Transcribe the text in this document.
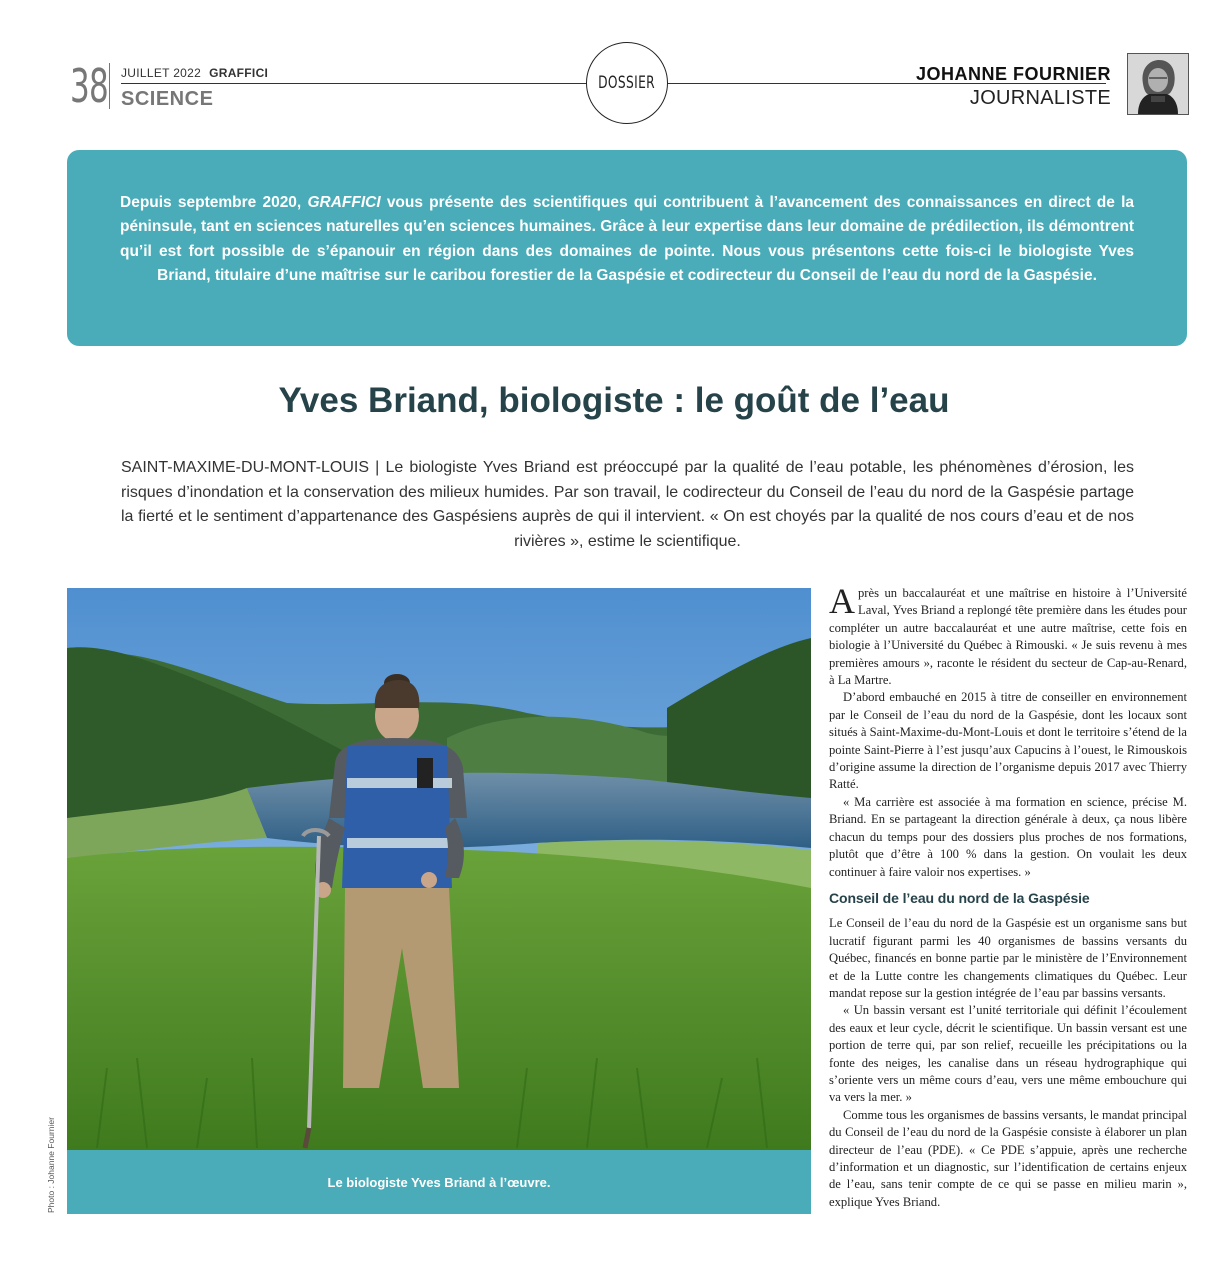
38 JUILLET 2022 GRAFFICI
SCIENCE
DOSSIER	JOHANNE FOURNIER
JOURNALISTE
Depuis septembre 2020, GRAFFICI vous présente des scientifiques qui contribuent à l’avancement des connaissances en direct de la péninsule, tant en sciences naturelles qu’en sciences humaines. Grâce à leur expertise dans leur domaine de prédilection, ils démontrent qu’il est fort possible de s’épanouir en région dans des domaines de pointe. Nous vous présentons cette fois-ci le biologiste Yves Briand, titulaire d’une maîtrise sur le caribou forestier de la Gaspésie et codirecteur du Conseil de l’eau du nord de la Gaspésie.
Yves Briand, biologiste : le goût de l’eau
SAINT-MAXIME-DU-MONT-LOUIS | Le biologiste Yves Briand est préoccupé par la qualité de l’eau potable, les phénomènes d’érosion, les risques d’inondation et la conservation des milieux humides. Par son travail, le codirecteur du Conseil de l’eau du nord de la Gaspésie partage la fierté et le sentiment d’appartenance des Gaspésiens auprès de qui il intervient. « On est choyés par la qualité de nos cours d’eau et de nos rivières », estime le scientifique.
Le biologiste Yves Briand à l’œuvre.
Photo : Johanne Fournier

Après un baccalauréat et une maîtrise en histoire à l’Université Laval, Yves Briand a replongé tête première dans les études pour compléter un autre baccalauréat et une autre maîtrise, cette fois en biologie à l’Université du Québec à Rimouski. « Je suis revenu à mes premières amours », raconte le résident du secteur de Cap-au-Renard, à La Martre.

D’abord embauché en 2015 à titre de conseiller en environnement par le Conseil de l’eau du nord de la Gaspésie, dont les locaux sont situés à Saint-Maxime-du-Mont-Louis et dont le territoire s’étend de la pointe Saint-Pierre à l’est jusqu’aux Capucins à l’ouest, le Rimouskois d’origine assume la direction de l’organisme depuis 2017 avec Thierry Ratté.

« Ma carrière est associée à ma formation en science, précise M. Briand. En se partageant la direction générale à deux, ça nous libère chacun du temps pour des dossiers plus proches de nos formations, plutôt que d’être à 100 % dans la gestion. On voulait les deux continuer à faire valoir nos expertises. »

Conseil de l’eau du nord de la Gaspésie

Le Conseil de l’eau du nord de la Gaspésie est un organisme sans but lucratif figurant parmi les 40 organismes de bassins versants du Québec, financés en bonne partie par le ministère de l’Environnement et de la Lutte contre les changements climatiques du Québec. Leur mandat repose sur la gestion intégrée de l’eau par bassins versants.

« Un bassin versant est l’unité territoriale qui définit l’écoulement des eaux et leur cycle, décrit le scientifique. Un bassin versant est une portion de terre qui, par son relief, recueille les précipitations ou la fonte des neiges, les canalise dans un réseau hydrographique qui s’oriente vers un même cours d’eau, vers une même embouchure qui va vers la mer. »

Comme tous les organismes de bassins versants, le mandat principal du Conseil de l’eau du nord de la Gaspésie consiste à élaborer un plan directeur de l’eau (PDE). « Ce PDE s’appuie, après une recherche d’information et un diagnostic, sur l’identification de certains enjeux de l’eau, sans tenir compte de ce qui se passe en milieu marin », explique Yves Briand.
